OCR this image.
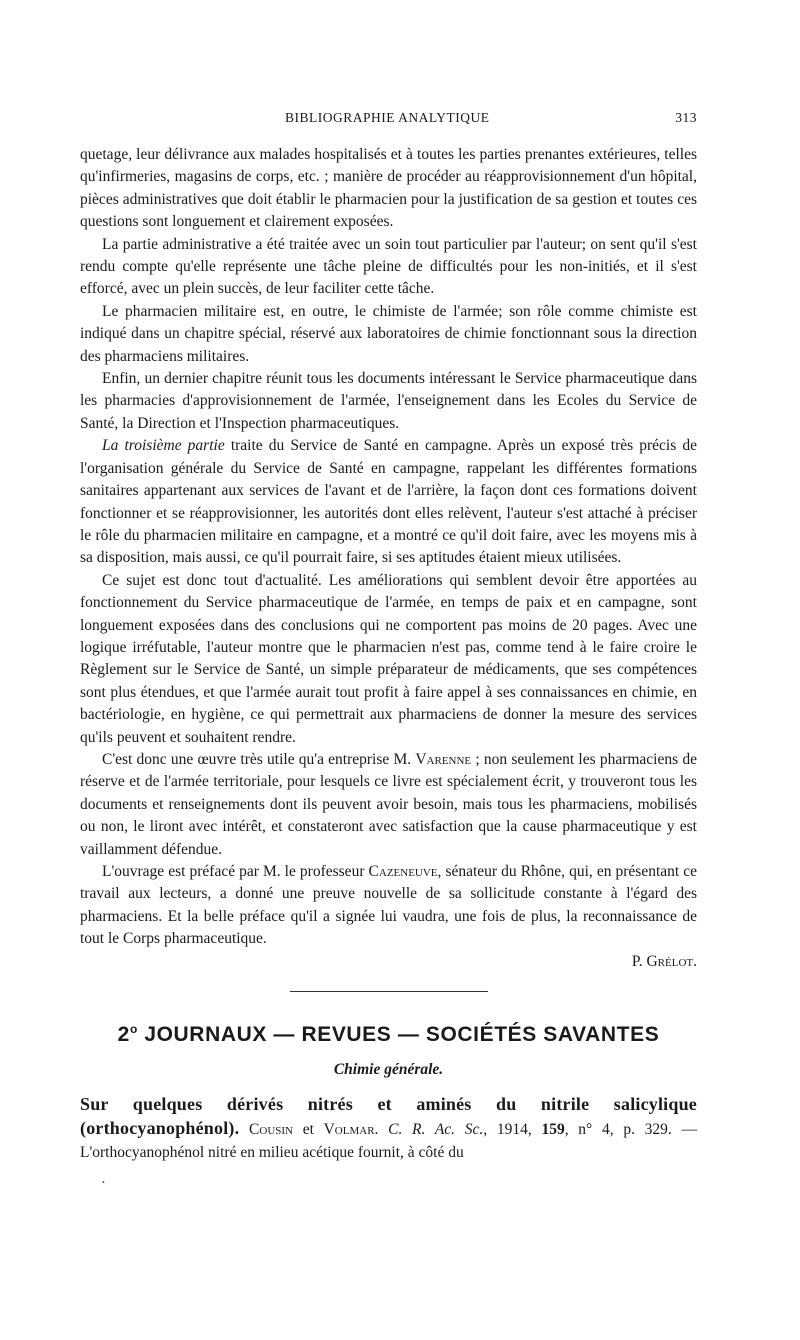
BIBLIOGRAPHIE ANALYTIQUE	313

quetage, leur délivrance aux malades hospitalisés et à toutes les parties prenantes extérieures, telles qu'infirmeries, magasins de corps, etc. ; manière de procéder au réapprovisionnement d'un hôpital, pièces administratives que doit établir le pharmacien pour la justification de sa gestion et toutes ces questions sont longuement et clairement exposées.

La partie administrative a été traitée avec un soin tout particulier par l'auteur; on sent qu'il s'est rendu compte qu'elle représente une tâche pleine de difficultés pour les non-initiés, et il s'est efforcé, avec un plein succès, de leur faciliter cette tâche.

Le pharmacien militaire est, en outre, le chimiste de l'armée; son rôle comme chimiste est indiqué dans un chapitre spécial, réservé aux laboratoires de chimie fonctionnant sous la direction des pharmaciens militaires.

Enfin, un dernier chapitre réunit tous les documents intéressant le Service pharmaceutique dans les pharmacies d'approvisionnement de l'armée, l'enseignement dans les Ecoles du Service de Santé, la Direction et l'Inspection pharmaceutiques.

La troisième partie traite du Service de Santé en campagne. Après un exposé très précis de l'organisation générale du Service de Santé en campagne, rappelant les différentes formations sanitaires appartenant aux services de l'avant et de l'arrière, la façon dont ces formations doivent fonctionner et se réapprovisionner, les autorités dont elles relèvent, l'auteur s'est attaché à préciser le rôle du pharmacien militaire en campagne, et a montré ce qu'il doit faire, avec les moyens mis à sa disposition, mais aussi, ce qu'il pourrait faire, si ses aptitudes étaient mieux utilisées.

Ce sujet est donc tout d'actualité. Les améliorations qui semblent devoir être apportées au fonctionnement du Service pharmaceutique de l'armée, en temps de paix et en campagne, sont longuement exposées dans des conclusions qui ne comportent pas moins de 20 pages. Avec une logique irréfutable, l'auteur montre que le pharmacien n'est pas, comme tend à le faire croire le Règlement sur le Service de Santé, un simple préparateur de médicaments, que ses compétences sont plus étendues, et que l'armée aurait tout profit à faire appel à ses connaissances en chimie, en bactériologie, en hygiène, ce qui permettrait aux pharmaciens de donner la mesure des services qu'ils peuvent et souhaitent rendre.

C'est donc une œuvre très utile qu'a entreprise M. Varenne ; non seulement les pharmaciens de réserve et de l'armée territoriale, pour lesquels ce livre est spécialement écrit, y trouveront tous les documents et renseignements dont ils peuvent avoir besoin, mais tous les pharmaciens, mobilisés ou non, le liront avec intérêt, et constateront avec satisfaction que la cause pharmaceutique y est vaillamment défendue.

L'ouvrage est préfacé par M. le professeur Cazeneuve, sénateur du Rhône, qui, en présentant ce travail aux lecteurs, a donné une preuve nouvelle de sa sollicitude constante à l'égard des pharmaciens. Et la belle préface qu'il a signée lui vaudra, une fois de plus, la reconnaissance de tout le Corps pharmaceutique.

P. Grélot.

2$^o$ JOURNAUX — REVUES — SOCIÉTÉS SAVANTES
Chimie générale.
Sur quelques dérivés nitrés et aminés du nitrile salicylique (orthocyanophénol). Cousin et Volmar. C. R. Ac. Sc., 1914, 159, n° 4, p. 329. — L'orthocyanophénol nitré en milieu acétique fournit, à côté du
•
